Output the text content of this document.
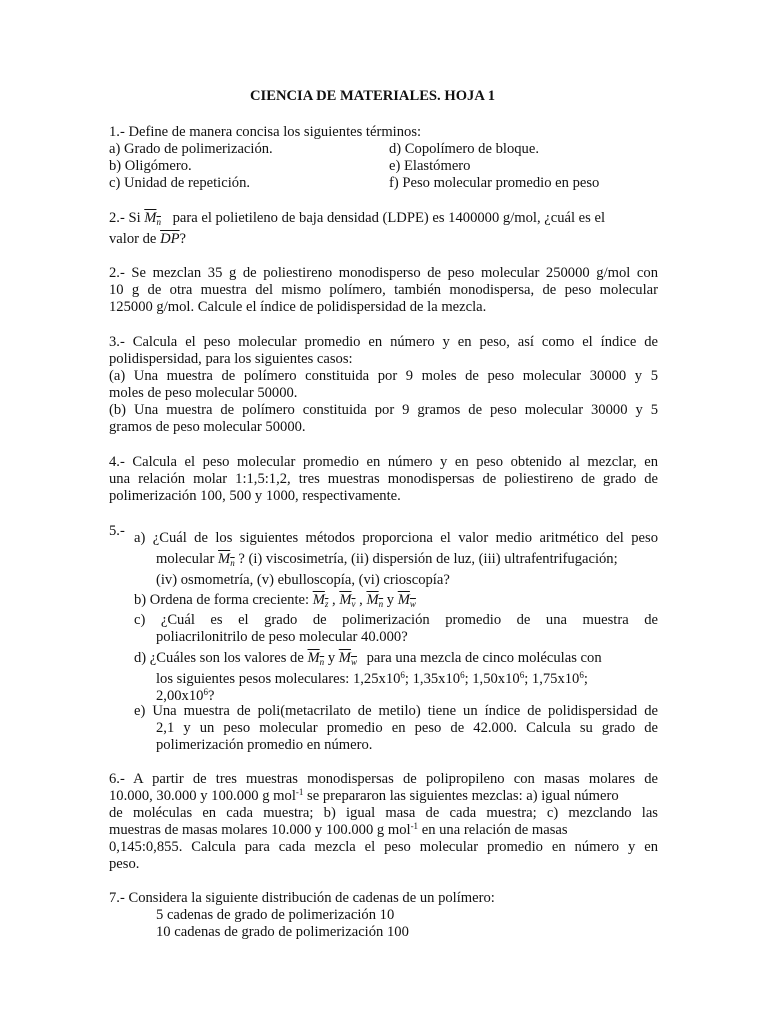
CIENCIA DE MATERIALES. HOJA 1
1.- Define de manera concisa los siguientes términos:
a) Grado de polimerización.	d) Copolímero de bloque.
b) Oligómero.	e) Elastómero
c) Unidad de repetición.	f) Peso molecular promedio en peso
2.- Si $M_n$ para el polietileno de baja densidad (LDPE) es 1400000 g/mol, ¿cuál es el
valor de $\overline{DP}$?
2.- Se mezclan 35 g de poliestireno monodisperso de peso molecular 250000 g/mol con
10 g de otra muestra del mismo polímero, también monodispersa, de peso molecular
125000 g/mol. Calcule el índice de polidispersidad de la mezcla.
3.- Calcula el peso molecular promedio en número y en peso, así como el índice de
polidispersidad, para los siguientes casos:
(a) Una muestra de polímero constituida por 9 moles de peso molecular 30000 y 5
moles de peso molecular 50000.
(b) Una muestra de polímero constituida por 9 gramos de peso molecular 30000 y 5
gramos de peso molecular 50000.
4.- Calcula el peso molecular promedio en número y en peso obtenido al mezclar, en
una relación molar 1:1,5:1,2, tres muestras monodispersas de poliestireno de grado de
polimerización 100, 500 y 1000, respectivamente.
5.- a) ¿Cuál de los siguientes métodos proporciona el valor medio aritmético del peso
molecular $M_n$ ? (i) viscosimetría, (ii) dispersión de luz, (iii) ultrafentrifugación;
(iv) osmometría, (v) ebulloscopía, (vi) crioscopía?
b) Ordena de forma creciente: $M_z$ , $M_v$ , $M_n$ y $M_w$
c) ¿Cuál es el grado de polimerización promedio de una muestra de
poliacrilonitrilo de peso molecular 40.000?
d) ¿Cuáles son los valores de $M_n$ y $M_w$ para una mezcla de cinco moléculas con
los siguientes pesos moleculares: $1,25x10^6$; $1,35x10^6$; $1,50x10^6$; $1,75x10^6$;
$2,00x10^6$?
e) Una muestra de poli(metacrilato de metilo) tiene un índice de polidispersidad de
2,1 y un peso molecular promedio en peso de 42.000. Calcula su grado de
polimerización promedio en número.
6.- A partir de tres muestras monodispersas de polipropileno con masas molares de
10.000, 30.000 y 100.000 g mol$^{-1}$ se prepararon las siguientes mezclas: a) igual número
de moléculas en cada muestra; b) igual masa de cada muestra; c) mezclando las
muestras de masas molares 10.000 y 100.000 g mol$^{-1}$ en una relación de masas
0,145:0,855. Calcula para cada mezcla el peso molecular promedio en número y en
peso.
7.- Considera la siguiente distribución de cadenas de un polímero:
5 cadenas de grado de polimerización 10
10 cadenas de grado de polimerización 100
